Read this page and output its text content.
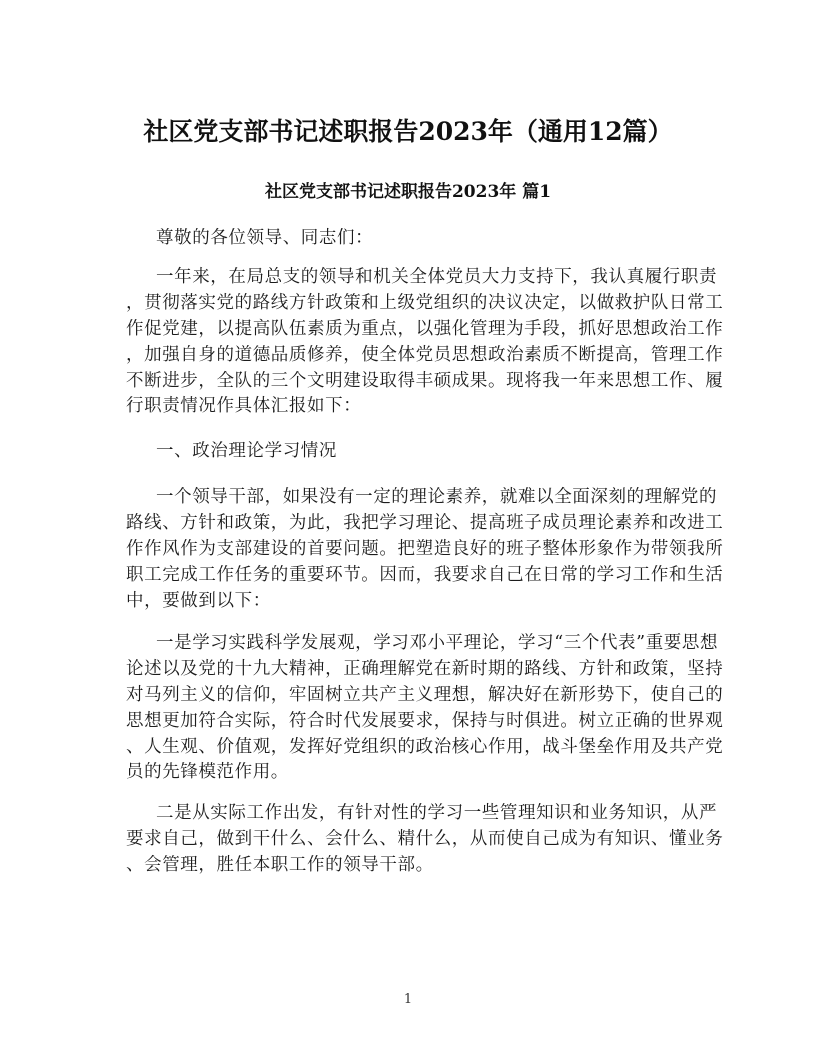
社区党支部书记述职报告2023年（通用12篇）
社区党支部书记述职报告2023年 篇1
尊敬的各位领导、同志们：
一年来，在局总支的领导和机关全体党员大力支持下，我认真履行职责
，贯彻落实党的路线方针政策和上级党组织的决议决定，以做救护队日常工
作促党建，以提高队伍素质为重点，以强化管理为手段，抓好思想政治工作
，加强自身的道德品质修养，使全体党员思想政治素质不断提高，管理工作
不断进步，全队的三个文明建设取得丰硕成果。现将我一年来思想工作、履
行职责情况作具体汇报如下：
一、政治理论学习情况
一个领导干部，如果没有一定的理论素养，就难以全面深刻的理解党的
路线、方针和政策，为此，我把学习理论、提高班子成员理论素养和改进工
作作风作为支部建设的首要问题。把塑造良好的班子整体形象作为带领我所
职工完成工作任务的重要环节。因而，我要求自己在日常的学习工作和生活
中，要做到以下：
一是学习实践科学发展观，学习邓小平理论，学习“三个代表”重要思想
论述以及党的十九大精神，正确理解党在新时期的路线、方针和政策，坚持
对马列主义的信仰，牢固树立共产主义理想，解决好在新形势下，使自己的
思想更加符合实际，符合时代发展要求，保持与时俱进。树立正确的世界观
、人生观、价值观，发挥好党组织的政治核心作用，战斗堡垒作用及共产党
员的先锋模范作用。
二是从实际工作出发，有针对性的学习一些管理知识和业务知识，从严
要求自己，做到干什么、会什么、精什么，从而使自己成为有知识、懂业务
、会管理，胜任本职工作的领导干部。
1
